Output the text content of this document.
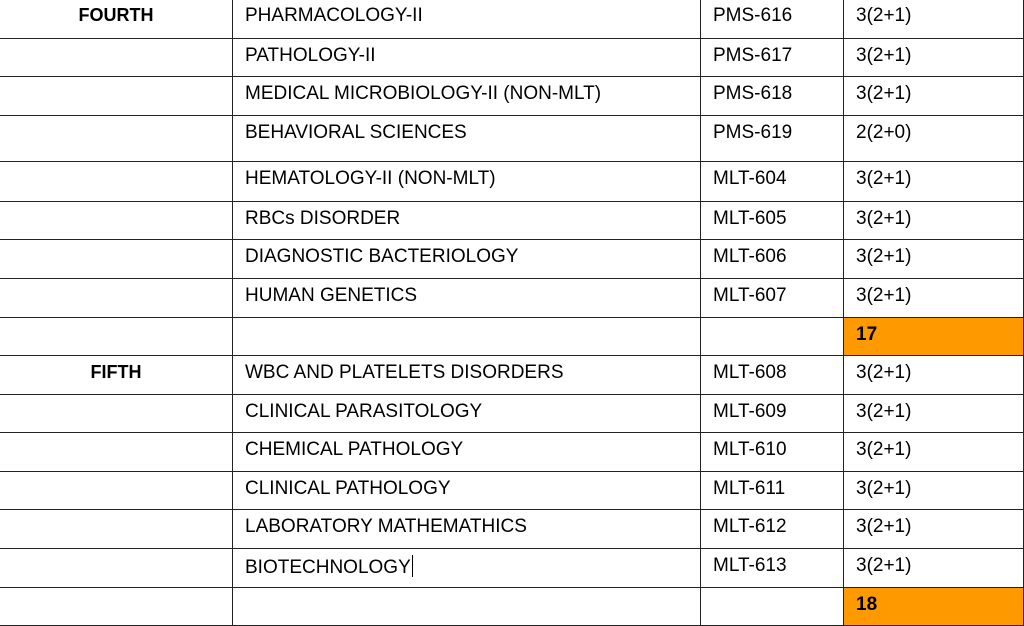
FOURTH	PHARMACOLOGY-II	PMS-616	3(2+1)
	PATHOLOGY-II	PMS-617	3(2+1)
	MEDICAL MICROBIOLOGY-II (NON-MLT)	PMS-618	3(2+1)
	BEHAVIORAL SCIENCES	PMS-619	2(2+0)
	HEMATOLOGY-II (NON-MLT)	MLT-604	3(2+1)
	RBCs DISORDER	MLT-605	3(2+1)
	DIAGNOSTIC BACTERIOLOGY	MLT-606	3(2+1)
	HUMAN GENETICS	MLT-607	3(2+1)
			17
FIFTH	WBC AND PLATELETS DISORDERS	MLT-608	3(2+1)
	CLINICAL PARASITOLOGY	MLT-609	3(2+1)
	CHEMICAL PATHOLOGY	MLT-610	3(2+1)
	CLINICAL PATHOLOGY	MLT-611	3(2+1)
	LABORATORY MATHEMATHICS	MLT-612	3(2+1)
	BIOTECHNOLOGY	MLT-613	3(2+1)
			18
